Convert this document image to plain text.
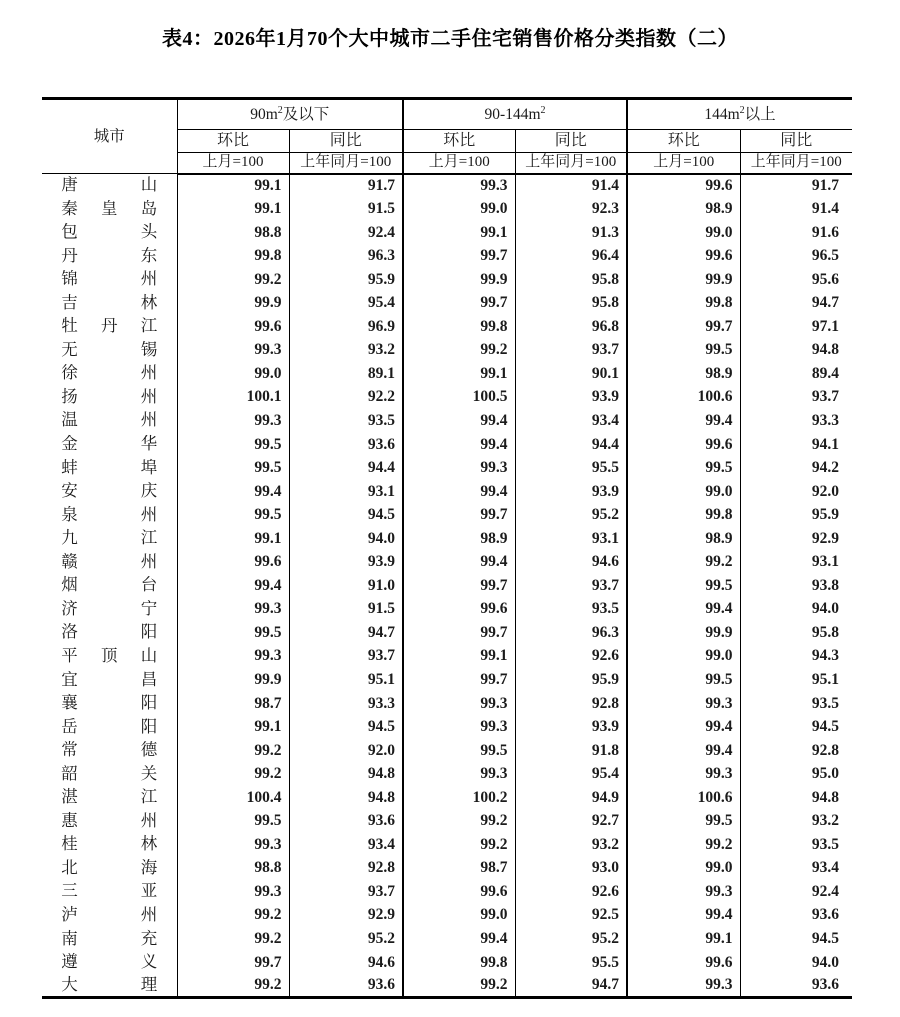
表4：2026年1月70个大中城市二手住宅销售价格分类指数（二）
城市	$90m^2$及以下		$90-144m^2$		$144m^2$以上	
	环比	同比	环比	同比	环比	同比
	上月=100	上年同月=100	上月=100	上年同月=100	上月=100	上年同月=100

唐山	99.1	91.7	99.3	91.4	99.6	91.7

秦皇岛	99.1	91.5	99.0	92.3	98.9	91.4

包头	98.8	92.4	99.1	91.3	99.0	91.6

丹东	99.8	96.3	99.7	96.4	99.6	96.5

锦州	99.2	95.9	99.9	95.8	99.9	95.6

吉林	99.9	95.4	99.7	95.8	99.8	94.7

牡丹江	99.6	96.9	99.8	96.8	99.7	97.1

无锡	99.3	93.2	99.2	93.7	99.5	94.8

徐州	99.0	89.1	99.1	90.1	98.9	89.4

扬州	100.1	92.2	100.5	93.9	100.6	93.7

温州	99.3	93.5	99.4	93.4	99.4	93.3

金华	99.5	93.6	99.4	94.4	99.6	94.1

蚌埠	99.5	94.4	99.3	95.5	99.5	94.2

安庆	99.4	93.1	99.4	93.9	99.0	92.0

泉州	99.5	94.5	99.7	95.2	99.8	95.9

九江	99.1	94.0	98.9	93.1	98.9	92.9

赣州	99.6	93.9	99.4	94.6	99.2	93.1

烟台	99.4	91.0	99.7	93.7	99.5	93.8

济宁	99.3	91.5	99.6	93.5	99.4	94.0

洛阳	99.5	94.7	99.7	96.3	99.9	95.8

平顶山	99.3	93.7	99.1	92.6	99.0	94.3

宜昌	99.9	95.1	99.7	95.9	99.5	95.1

襄阳	98.7	93.3	99.3	92.8	99.3	93.5

岳阳	99.1	94.5	99.3	93.9	99.4	94.5

常德	99.2	92.0	99.5	91.8	99.4	92.8

韶关	99.2	94.8	99.3	95.4	99.3	95.0

湛江	100.4	94.8	100.2	94.9	100.6	94.8

惠州	99.5	93.6	99.2	92.7	99.5	93.2

桂林	99.3	93.4	99.2	93.2	99.2	93.5

北海	98.8	92.8	98.7	93.0	99.0	93.4

三亚	99.3	93.7	99.6	92.6	99.3	92.4

泸州	99.2	92.9	99.0	92.5	99.4	93.6

南充	99.2	95.2	99.4	95.2	99.1	94.5

遵义	99.7	94.6	99.8	95.5	99.6	94.0

大理	99.2	93.6	99.2	94.7	99.3	93.6
